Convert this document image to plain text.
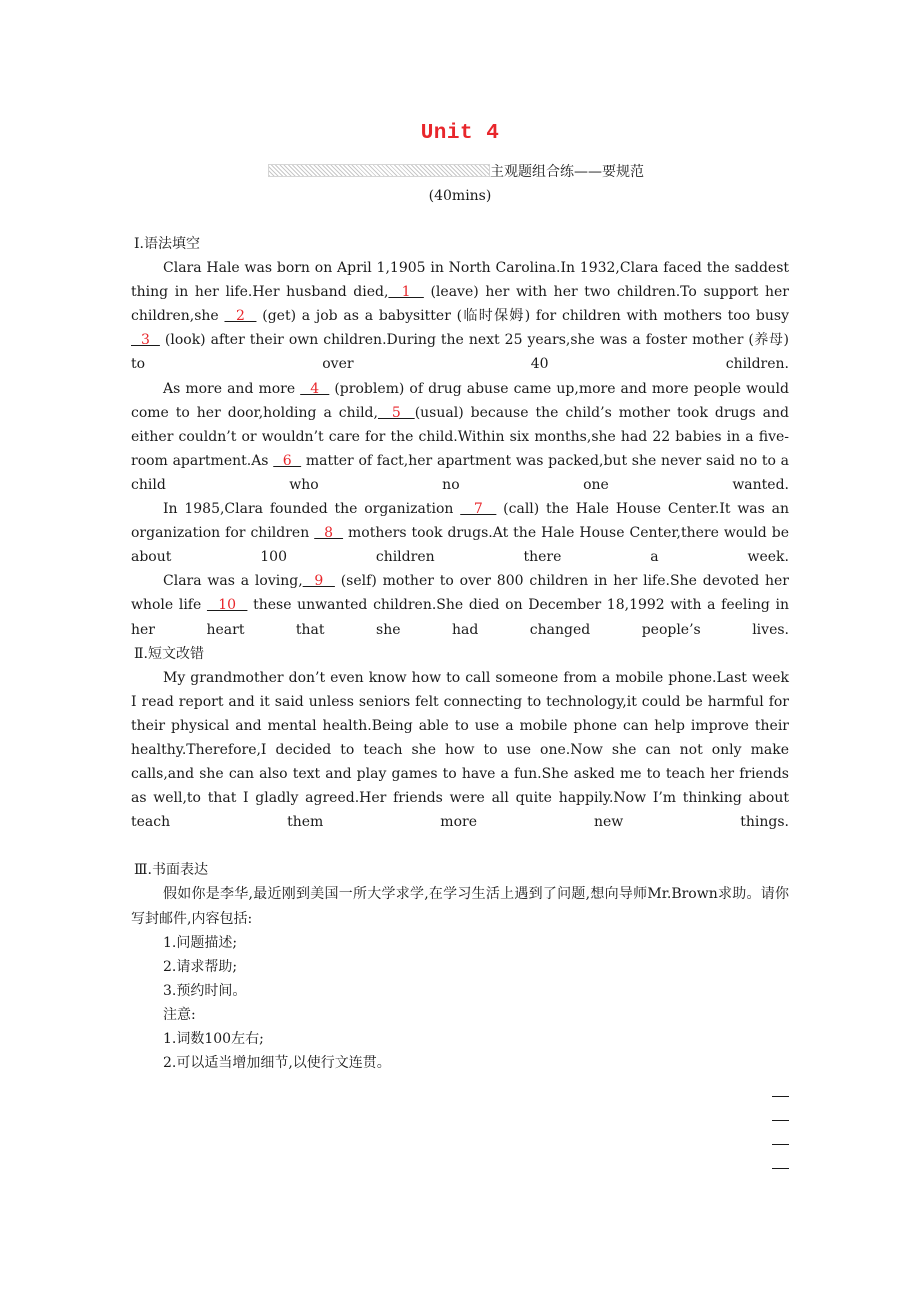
Unit 4
主观题组合练——要规范
(40mins)

Ⅰ.语法填空

Clara Hale was born on April 1,1905 in North Carolina.In 1932,Clara faced the saddest thing in her life.Her husband died,  1   (leave) her with her two children.To support her children,she   2   (get) a job as a babysitter (临时保姆) for children with mothers too busy   3   (look) after their own children.During the next 25 years,she was a foster mother (养母) to over 40 children.

As more and more   4   (problem) of drug abuse came up,more and more people would come to her door,holding a child,  5  (usual) because the child’s mother took drugs and either couldn’t or wouldn’t care for the child.Within six months,she had 22 babies in a five-room apartment.As   6   matter of fact,her apartment was packed,but she never said no to a child who no one wanted.

In 1985,Clara founded the organization   7   (call) the Hale House Center.It was an organization for children   8   mothers took drugs.At the Hale House Center,there would be about 100 children there a week.

Clara was a loving,  9   (self) mother to over 800 children in her life.She devoted her whole life   10   these unwanted children.She died on December 18,1992 with a feeling in her heart that she had changed people’s lives.

Ⅱ.短文改错

My grandmother don’t even know how to call someone from a mobile phone.Last week I read report and it said unless seniors felt connecting to technology,it could be harmful for their physical and mental health.Being able to use a mobile phone can help improve their healthy.Therefore,I decided to teach she how to use one.Now she can not only make calls,and she can also text and play games to have a fun.She asked me to teach her friends as well,to that I gladly agreed.Her friends were all quite happily.Now I’m thinking about teach them more new things.

Ⅲ.书面表达

假如你是李华,最近刚到美国一所大学求学,在学习生活上遇到了问题,想向导师Mr.Brown求助。请你写封邮件,内容包括:

1.问题描述;

2.请求帮助;

3.预约时间。

注意:

1.词数100左右;

2.可以适当增加细节,以使行文连贯。
